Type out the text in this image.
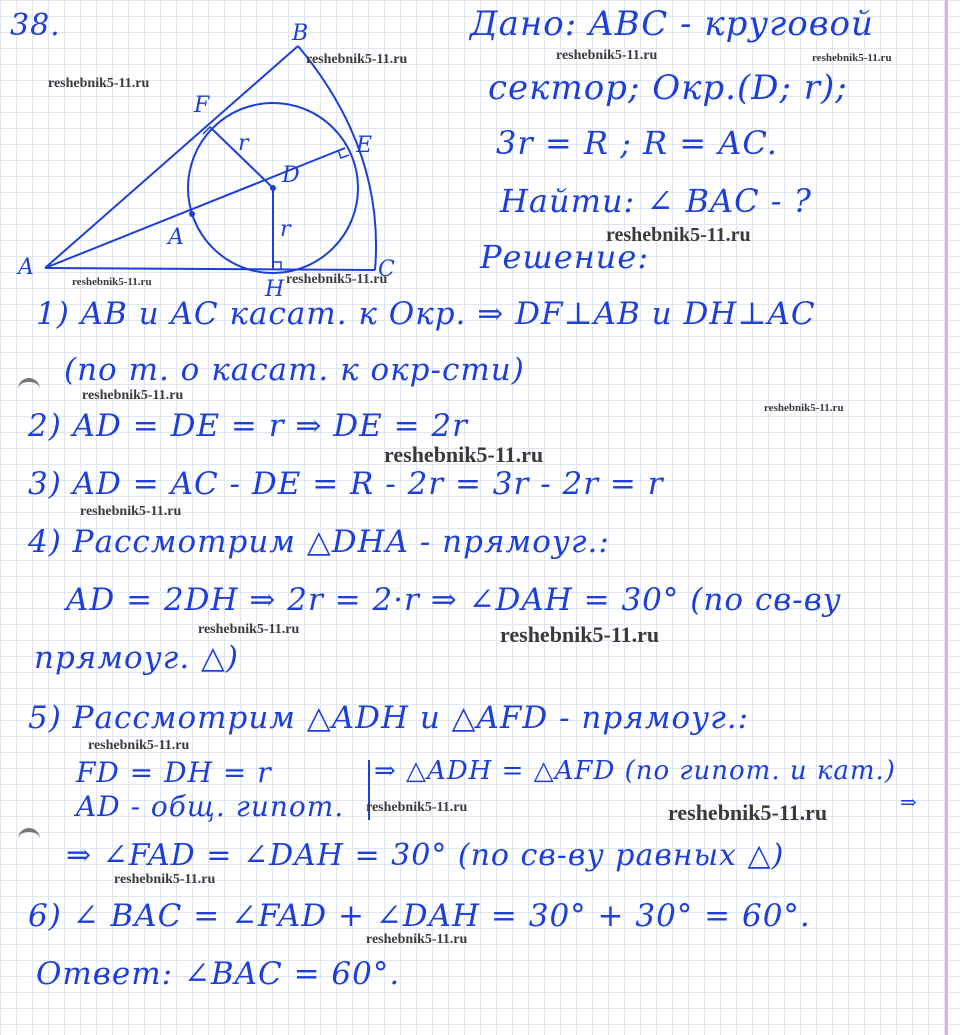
38.	B
F
E
D
r
A	r
A	C
H
Дано: ABC - круговой
сектор; Окр.(D; r);
3r = R ; R = AC.
Найти: ∠ BAC - ?
Решение:
1) AB и AC касат. к Окр. ⇒ DF⊥AB и DH⊥AC
(по т. о касат. к окр-сти)
2) AD = DE = r ⇒ DE = 2r
3) AD = AC - DE = R - 2r = 3r - 2r = r
4) Рассмотрим △DHA - прямоуг.:
AD = 2DH ⇒ 2r = 2·r ⇒ ∠DAH = 30° (по св-ву
прямоуг. △)
5) Рассмотрим △ADH и △AFD - прямоуг.:
FD = DH = r
AD - общ. гипот.
⇒ △ADH = △AFD (по гипот. и кат.)
⇒
⇒ ∠FAD = ∠DAH = 30° (по св-ву равных △)
6) ∠ BAC = ∠FAD + ∠DAH = 30° + 30° = 60°.
Ответ: ∠BAC = 60°.
reshebnik5-11.ru	reshebnik5-11.ru	reshebnik5-11.ru
reshebnik5-11.ru
reshebnik5-11.ru
reshebnik5-11.ru	reshebnik5-11.ru
reshebnik5-11.ru
reshebnik5-11.ru
reshebnik5-11.ru
reshebnik5-11.ru
reshebnik5-11.ru	reshebnik5-11.ru
reshebnik5-11.ru
reshebnik5-11.ru	reshebnik5-11.ru
reshebnik5-11.ru
reshebnik5-11.ru
